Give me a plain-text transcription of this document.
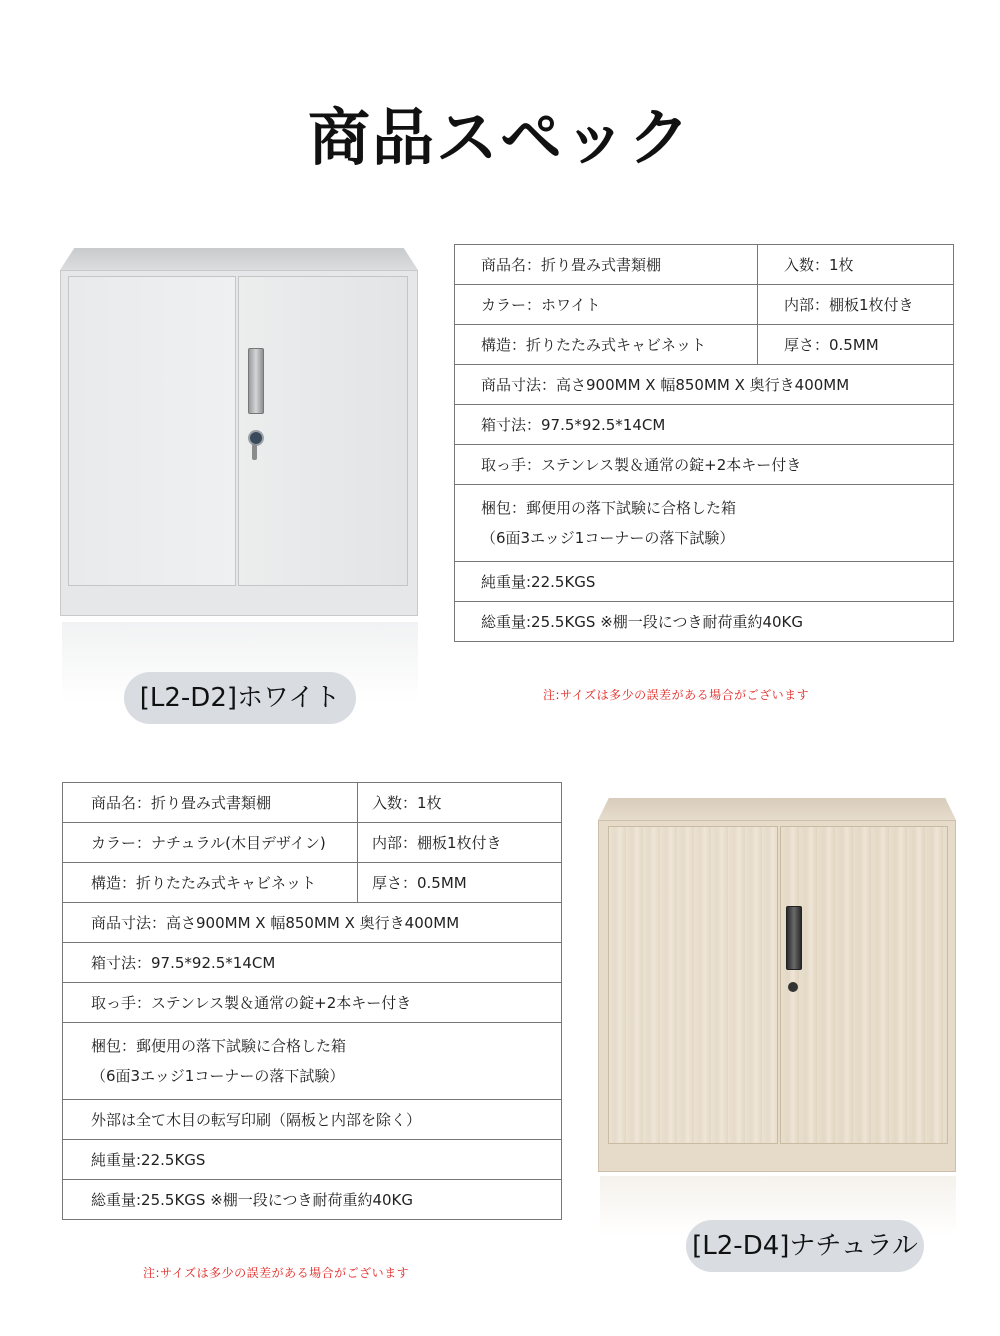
商品スペック
[L2-D2]ホワイト
商品名：折り畳み式書類棚	入数：1枚
カラー：ホワイト	内部：棚板1枚付き
構造：折りたたみ式キャビネット	厚さ：0.5MM
商品寸法：高さ900MM X 幅850MM X 奥行き400MM	
箱寸法：97.5*92.5*14CM	
取っ手：ステンレス製＆通常の錠+2本キー付き	

梱包：郵便用の落下試験に合格した箱
（6面3エッジ1コーナーの落下試験）	

純重量:22.5KGS	
総重量:25.5KGS ※棚一段につき耐荷重約40KG	
注:サイズは多少の誤差がある場合がございます
商品名：折り畳み式書類棚	入数：1枚
カラー：ナチュラル(木目デザイン)	内部：棚板1枚付き
構造：折りたたみ式キャビネット	厚さ：0.5MM
商品寸法：高さ900MM X 幅850MM X 奥行き400MM	
箱寸法：97.5*92.5*14CM	
取っ手：ステンレス製＆通常の錠+2本キー付き	

梱包：郵便用の落下試験に合格した箱
（6面3エッジ1コーナーの落下試験）	

外部は全て木目の転写印刷（隔板と内部を除く）	
純重量:22.5KGS	
総重量:25.5KGS ※棚一段につき耐荷重約40KG	
注:サイズは多少の誤差がある場合がございます
[L2-D4]ナチュラル
